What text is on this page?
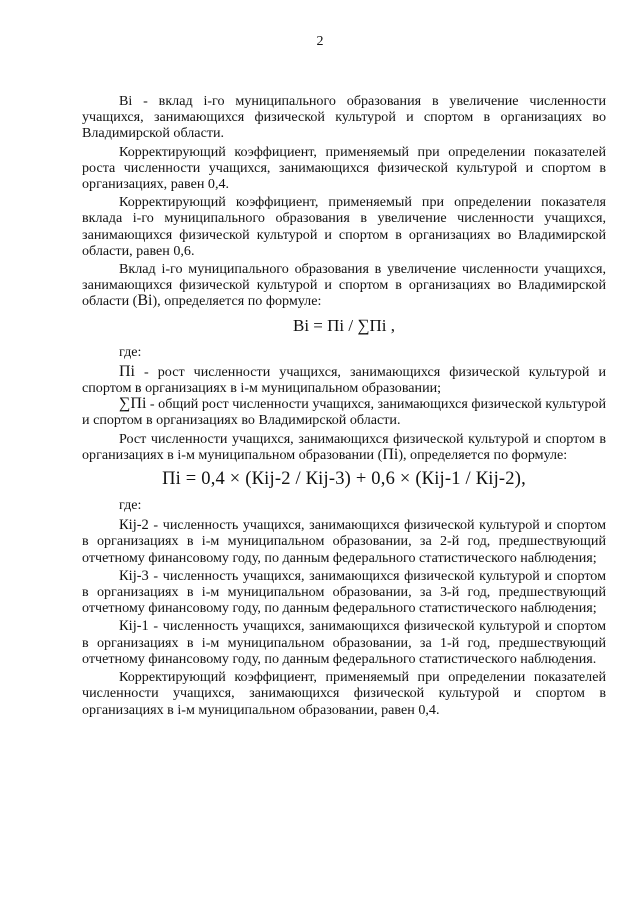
2

Вi - вклад i-го муниципального образования в увеличение численности учащихся, занимающихся физической культурой и спортом в организациях во Владимирской области.

Корректирующий коэффициент, применяемый при определении показателей роста численности учащихся, занимающихся физической культурой и спортом в организациях, равен 0,4.

Корректирующий коэффициент, применяемый при определении показателя вклада i-го муниципального образования в увеличение численности учащихся, занимающихся физической культурой и спортом в организациях во Владимирской области, равен 0,6.

Вклад i-го муниципального образования в увеличение численности учащихся, занимающихся физической культурой и спортом в организациях во Владимирской области (Вi), определяется по формуле:

Вi = Пi / ∑Пi ,

где:

Пi - рост численности учащихся, занимающихся физической культурой и спортом в организациях в i-м муниципальном образовании;

∑Пi - общий рост численности учащихся, занимающихся физической культурой и спортом в организациях во Владимирской области.

Рост численности учащихся, занимающихся физической культурой и спортом в организациях в i-м муниципальном образовании (Пi), определяется по формуле:

Пi = 0,4 × (Кij-2 / Кij-3) + 0,6 × (Кij-1 / Кij-2),

где:

Кij-2 - численность учащихся, занимающихся физической культурой и спортом в организациях в i-м муниципальном образовании, за 2-й год, предшествующий отчетному финансовому году, по данным федерального статистического наблюдения;

Кij-3 - численность учащихся, занимающихся физической культурой и спортом в организациях в i-м муниципальном образовании, за 3-й год, предшествующий отчетному финансовому году, по данным федерального статистического наблюдения;

Кij-1 - численность учащихся, занимающихся физической культурой и спортом в организациях в i-м муниципальном образовании, за 1-й год, предшествующий отчетному финансовому году, по данным федерального статистического наблюдения.

Корректирующий коэффициент, применяемый при определении показателей численности учащихся, занимающихся физической культурой и спортом в организациях в i-м муниципальном образовании, равен 0,4.
